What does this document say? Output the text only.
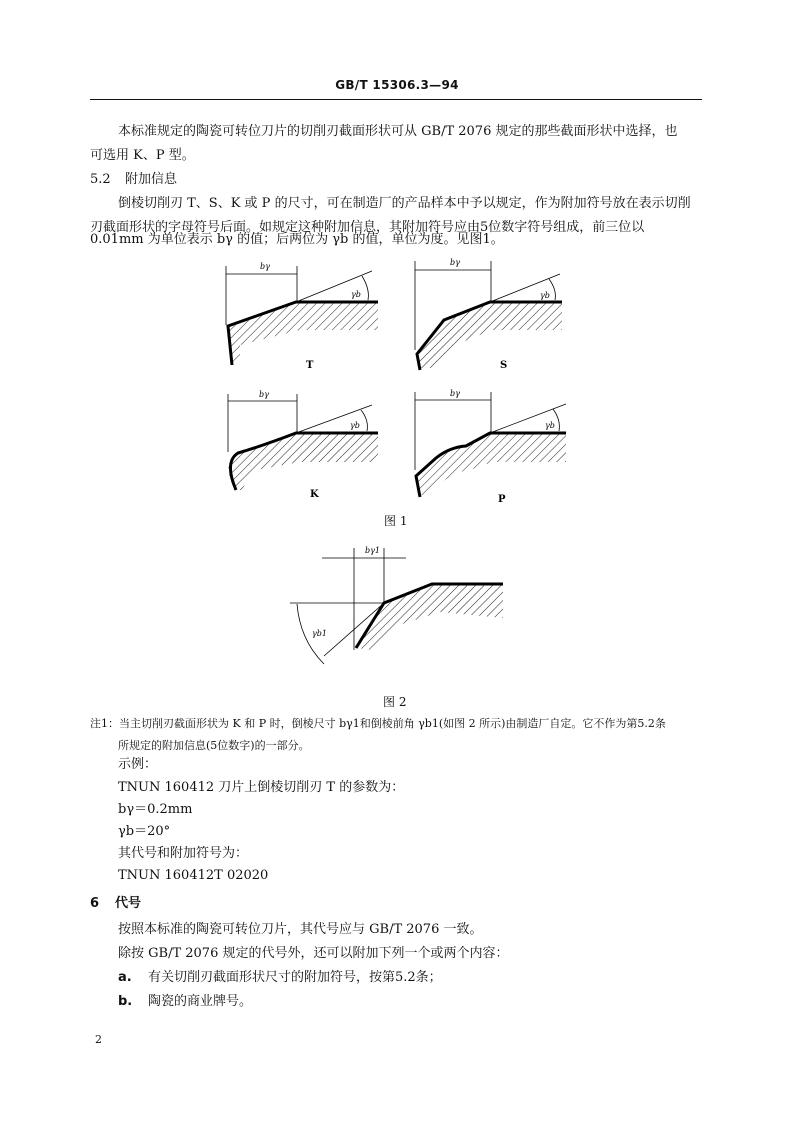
GB/T 15306.3—94
本标准规定的陶瓷可转位刀片的切削刃截面形状可从 GB/T 2076 规定的那些截面形状中选择，也
可选用 K、P 型。
5.2 附加信息
倒棱切削刃 T、S、K 或 P 的尺寸，可在制造厂的产品样本中予以规定，作为附加符号放在表示切削
刃截面形状的字母符号后面。如规定这种附加信息，其附加符号应由5位数字符号组成，前三位以
0.01mm 为单位表示 bγ 的值；后两位为 γb 的值，单位为度。见图1。
bγ
γb
T
bγ
γb
S
bγ
γb
K
bγ
γb
P
bγ1
γb1
图 1
图 2
注1：当主切削刃截面形状为 K 和 P 时，倒棱尺寸 bγ1和倒棱前角 γb1(如图 2 所示)由制造厂自定。它不作为第5.2条
所规定的附加信息(5位数字)的一部分。
示例：
TNUN 160412 刀片上倒棱切削刃 T 的参数为：
bγ＝0.2mm
γb＝20°
其代号和附加符号为：
TNUN 160412T 02020
6 代号
按照本标准的陶瓷可转位刀片，其代号应与 GB/T 2076 一致。
除按 GB/T 2076 规定的代号外，还可以附加下列一个或两个内容：
a. 有关切削刃截面形状尺寸的附加符号，按第5.2条；
b. 陶瓷的商业牌号。
2
